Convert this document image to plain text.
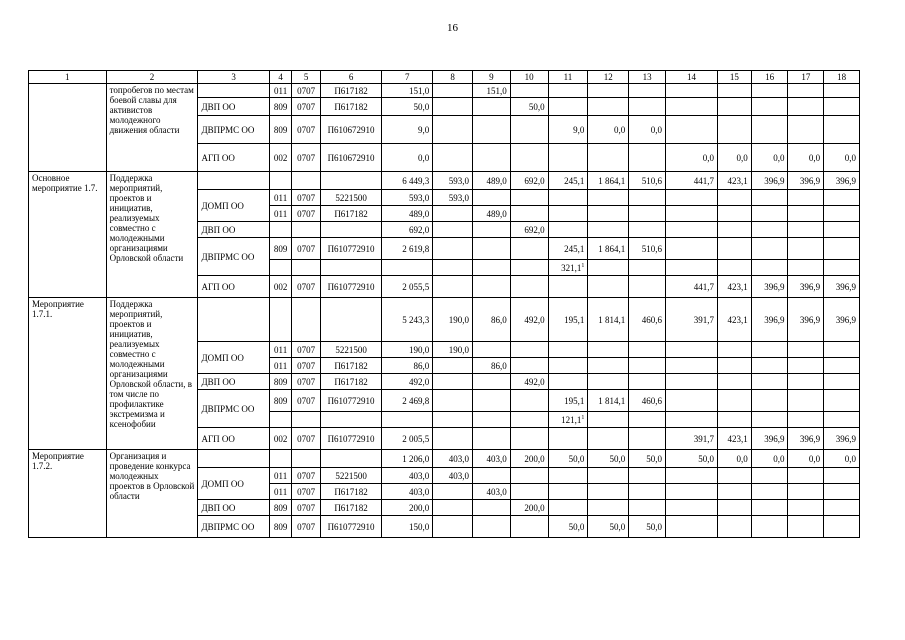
16
1	2	3	4	5	6	7	8	9	10	11	12	13	14	15	16	17	18
	топробегов по местам боевой славы для активистов молодежного движения области		011	0707	П617182	151,0		151,0									
		ДВП ОО	809	0707	П617182	50,0			50,0								
		ДВПРМС ОО	809	0707	П610672910	9,0				9,0	0,0	0,0					
		АГП ОО	002	0707	П610672910	0,0							0,0	0,0	0,0	0,0	0,0
Основное мероприятие 1.7.	Поддержка мероприятий, проектов и инициатив, реализуемых совместно с молодежными организациями Орловской области					6 449,3	593,0	489,0	692,0	245,1	1 864,1	510,6	441,7	423,1	396,9	396,9	396,9
		ДОМП ОО	011	0707	5221500	593,0	593,0										
			011	0707	П617182	489,0		489,0									
		ДВП ОО				692,0			692,0								
		ДВПРМС ОО	809	0707	П610772910	2 619,8				245,1	1 864,1	510,6					
										321,1$^1$							
		АГП ОО	002	0707	П610772910	2 055,5							441,7	423,1	396,9	396,9	396,9
Мероприятие 1.7.1.	Поддержка мероприятий, проектов и инициатив, реализуемых совместно с молодежными организациями Орловской области, в том числе по профилактике экстремизма и ксенофобии					5 243,3	190,0	86,0	492,0	195,1	1 814,1	460,6	391,7	423,1	396,9	396,9	396,9
		ДОМП ОО	011	0707	5221500	190,0	190,0										
			011	0707	П617182	86,0		86,0									
		ДВП ОО	809	0707	П617182	492,0			492,0								
		ДВПРМС ОО	809	0707	П610772910	2 469,8				195,1	1 814,1	460,6					
										121,1$^1$							
		АГП ОО	002	0707	П610772910	2 005,5							391,7	423,1	396,9	396,9	396,9
Мероприятие 1.7.2.	Организация и проведение конкурса молодежных проектов в Орловской области					1 206,0	403,0	403,0	200,0	50,0	50,0	50,0	50,0	0,0	0,0	0,0	0,0
		ДОМП ОО	011	0707	5221500	403,0	403,0										
			011	0707	П617182	403,0		403,0									
		ДВП ОО	809	0707	П617182	200,0			200,0								
		ДВПРМС ОО	809	0707	П610772910	150,0				50,0	50,0	50,0					
